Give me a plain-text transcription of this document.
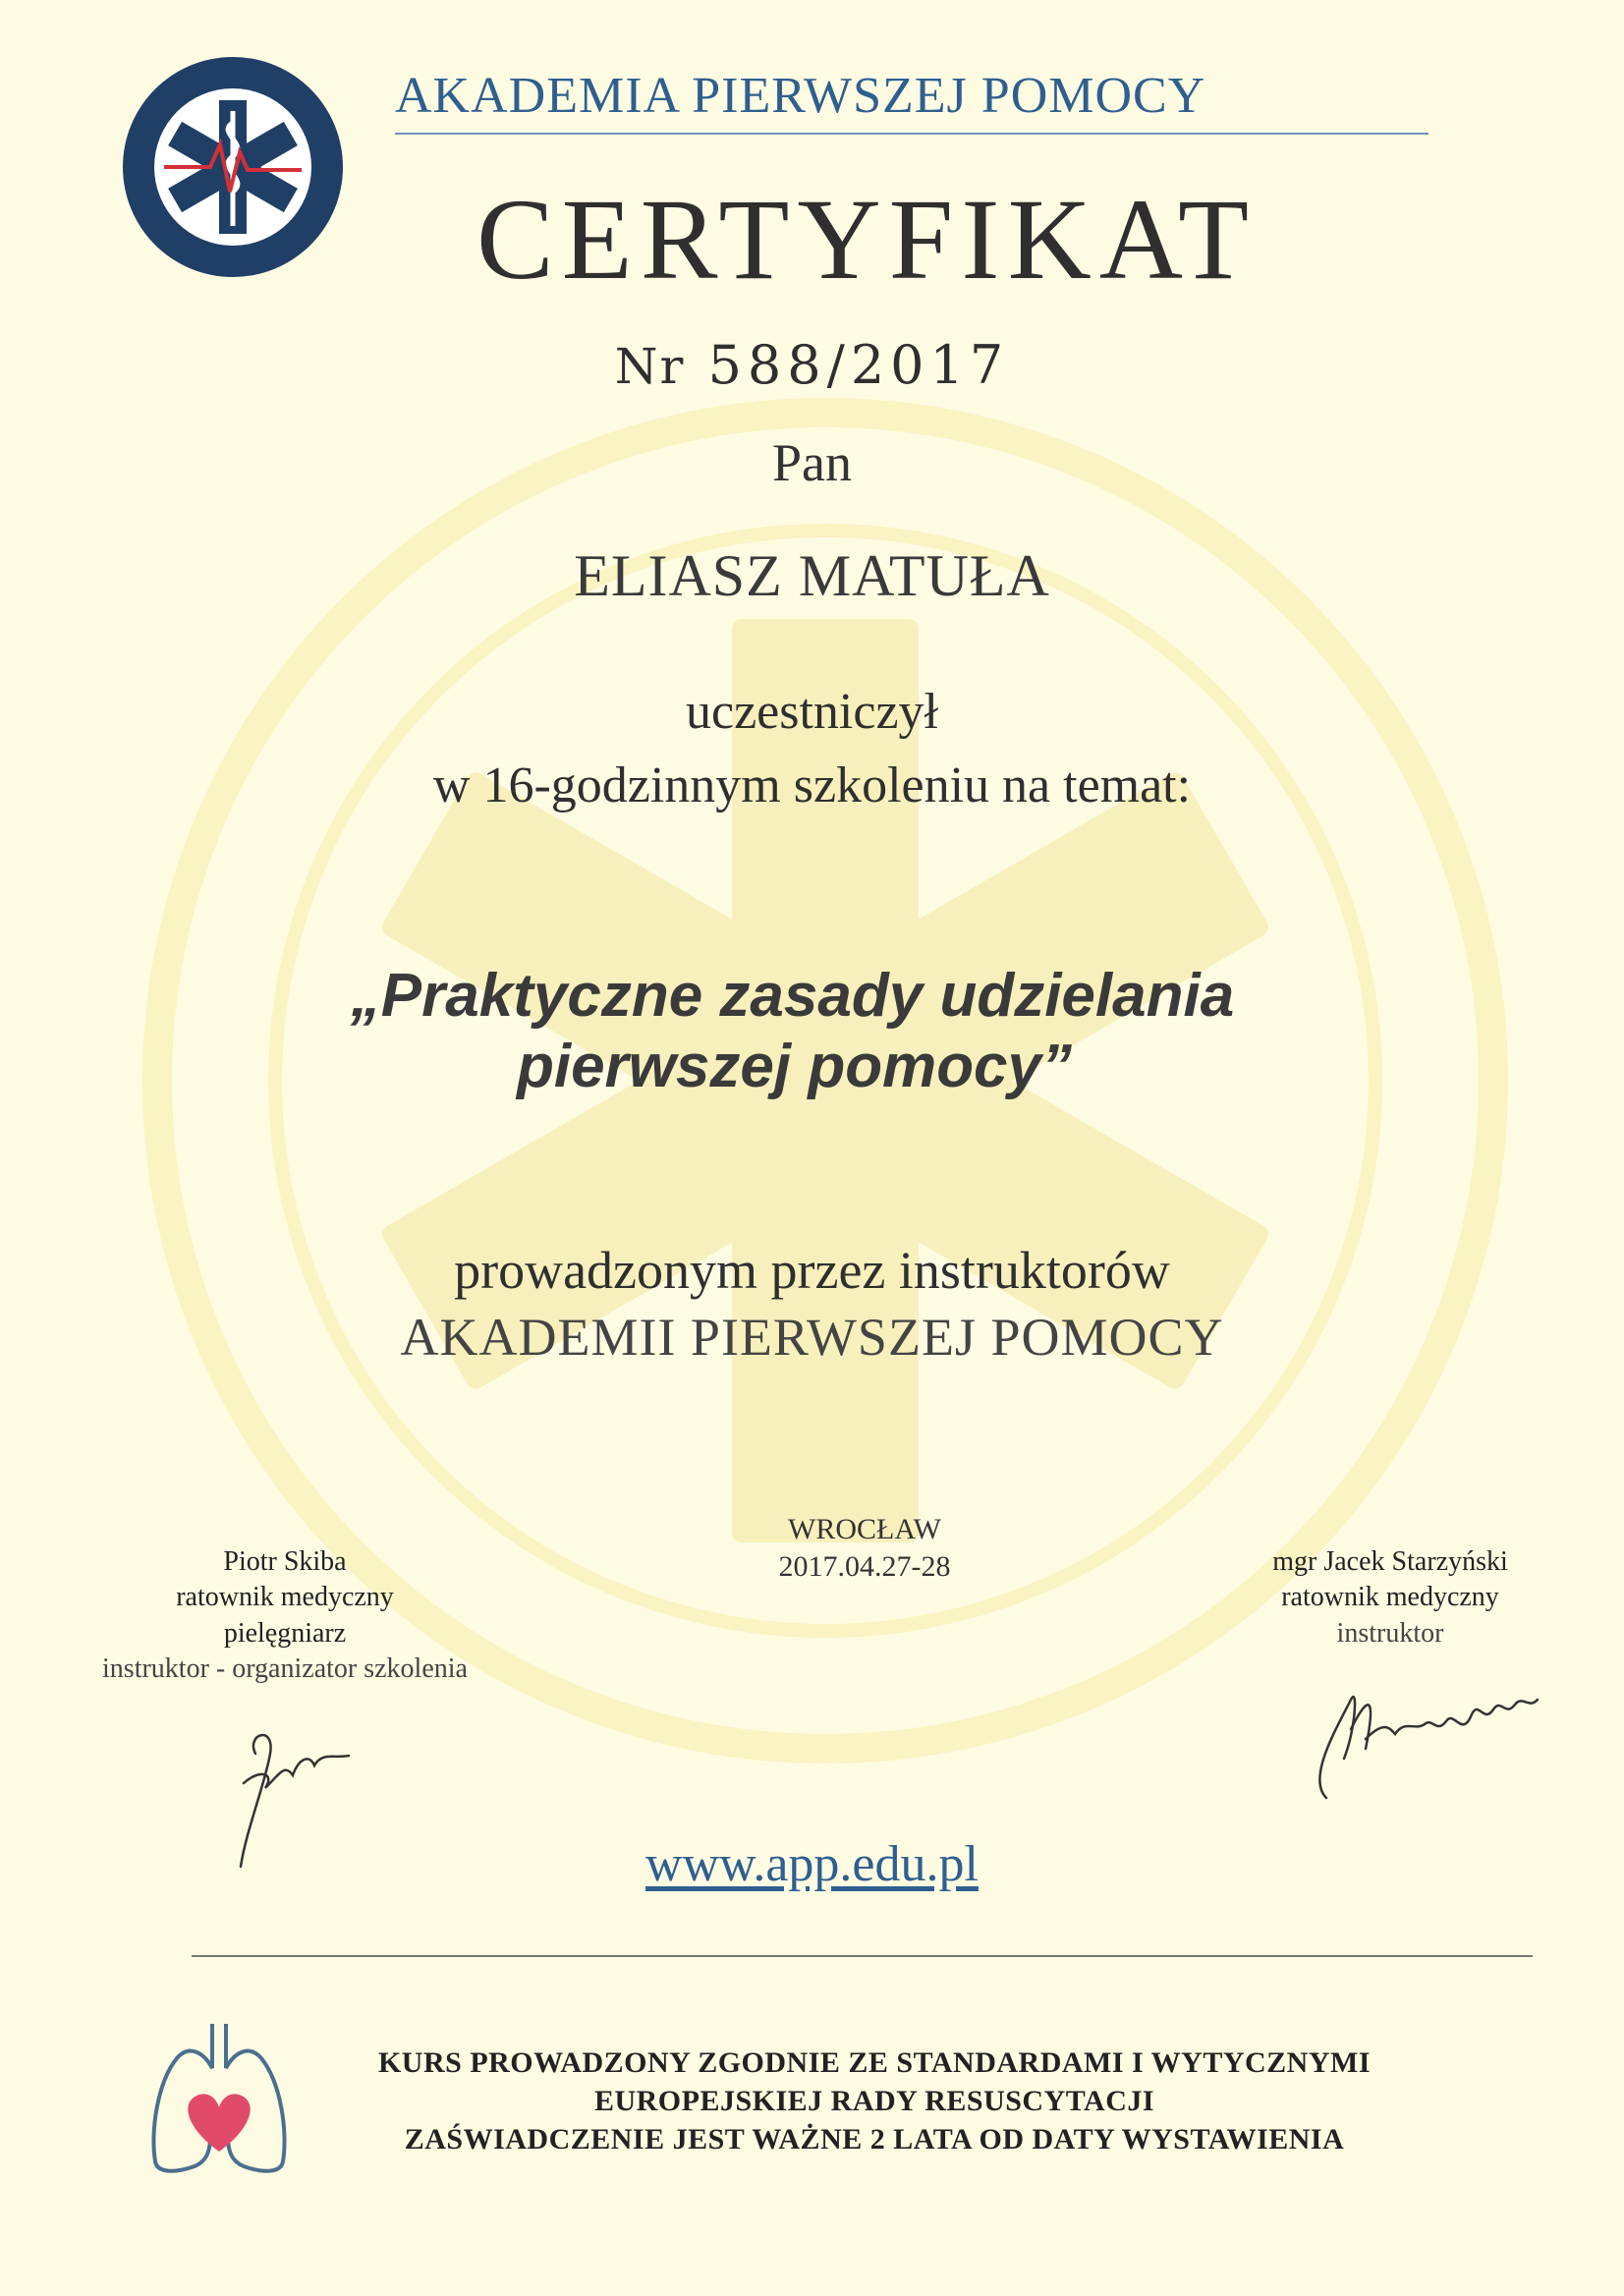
AKADEMIA PIERWSZEJ POMOCY
CERTYFIKAT
Nr 588/2017
Pan
ELIASZ MATUŁA
uczestniczył
w 16-godzinnym szkoleniu na temat:
„Praktyczne zasady udzielania
pierwszej pomocy”
prowadzonym przez instruktorów
AKADEMII PIERWSZEJ POMOCY
Piotr Skiba
ratownik medyczny
pielęgniarz
instruktor - organizator szkolenia
WROCŁAW
2017.04.27-28	mgr Jacek Starzyński
ratownik medyczny
instruktor
www.app.edu.pl
KURS PROWADZONY ZGODNIE ZE STANDARDAMI I WYTYCZNYMI
EUROPEJSKIEJ RADY RESUSCYTACJI
ZAŚWIADCZENIE JEST WAŻNE 2 LATA OD DATY WYSTAWIENIA
